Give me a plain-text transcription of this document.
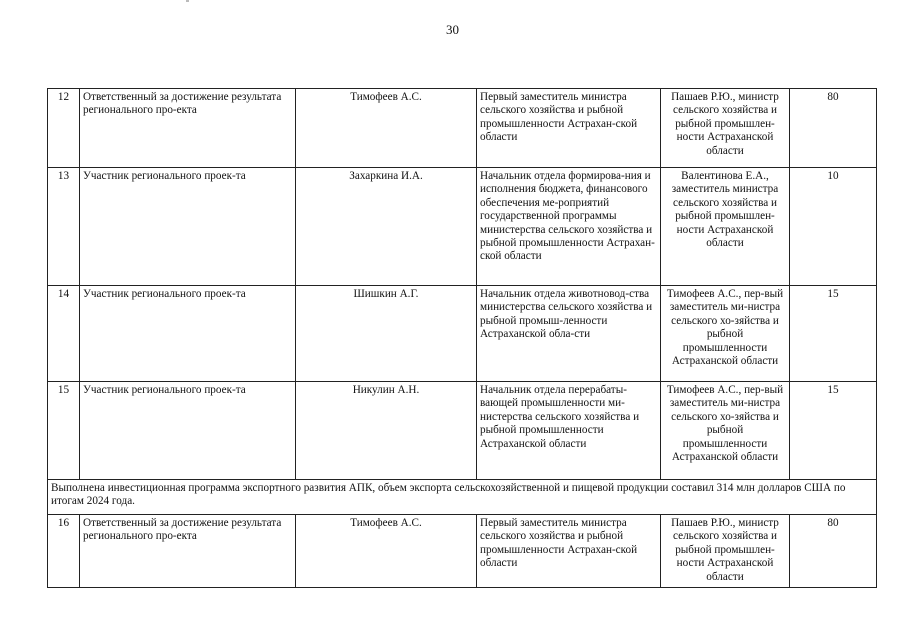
30
12	Ответственный за достижение результата регионального про-екта	Тимофеев А.С.	Первый заместитель министра сельского хозяйства и рыбной промышленности Астрахан-ской области	Пашаев Р.Ю., министр сельского хозяйства и рыбной промышлен-ности Астраханской области	80
13	Участник регионального проек-та	Захаркина И.А.	Начальник отдела формирова-ния и исполнения бюджета, финансового обеспечения ме-роприятий государственной программы министерства сельского хозяйства и рыбной промышленности Астрахан-ской области	Валентинова Е.А., заместитель министра сельского хозяйства и рыбной промышлен-ности Астраханской области	10
14	Участник регионального проек-та	Шишкин А.Г.	Начальник отдела животновод-ства министерства сельского хозяйства и рыбной промыш-ленности Астраханской обла-сти	Тимофеев А.С., пер-вый заместитель ми-нистра сельского хо-зяйства и рыбной промышленности Астраханской области	15
15	Участник регионального проек-та	Никулин А.Н.	Начальник отдела перерабаты-вающей промышленности ми-нистерства сельского хозяйства и рыбной промышленности Астраханской области	Тимофеев А.С., пер-вый заместитель ми-нистра сельского хо-зяйства и рыбной промышленности Астраханской области	15
Выполнена инвестиционная программа экспортного развития АПК, объем экспорта сельскохозяйственной и пищевой продукции составил 314 млн долларов США по итогам 2024 года.					
16	Ответственный за достижение результата регионального про-екта	Тимофеев А.С.	Первый заместитель министра сельского хозяйства и рыбной промышленности Астрахан-ской области	Пашаев Р.Ю., министр сельского хозяйства и рыбной промышлен-ности Астраханской области	80
